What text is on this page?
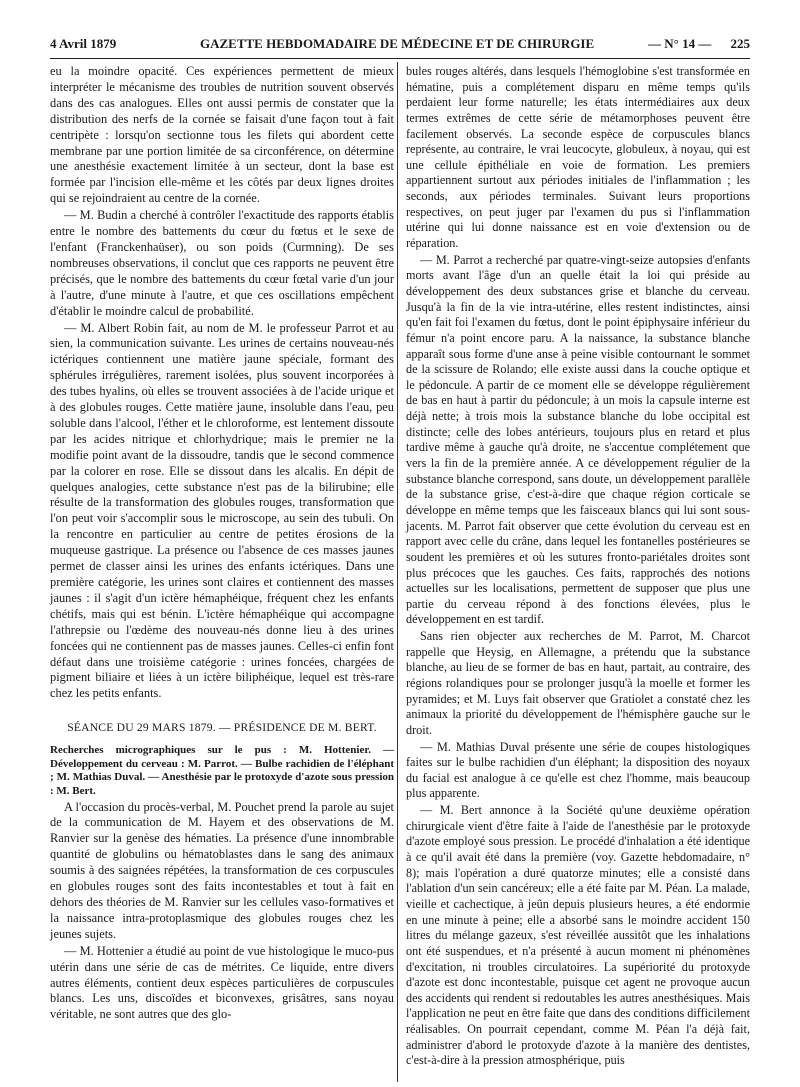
4 Avril 1879	GAZETTE HEBDOMADAIRE DE MÉDECINE ET DE CHIRURGIE	— N° 14 — 225

eu la moindre opacité. Ces expériences permettent de mieux interpréter le mécanisme des troubles de nutrition souvent observés dans des cas analogues. Elles ont aussi permis de constater que la distribution des nerfs de la cornée se faisait d'une façon tout à fait centripète : lorsqu'on sectionne tous les filets qui abordent cette membrane par une portion limitée de sa circonférence, on détermine une anesthésie exactement limitée à un secteur, dont la base est formée par l'incision elle-même et les côtés par deux lignes droites qui se rejoindraient au centre de la cornée.

— M. Budin a cherché à contrôler l'exactitude des rapports établis entre le nombre des battements du cœur du fœtus et le sexe de l'enfant (Franckenhaüser), ou son poids (Curmning). De ses nombreuses observations, il conclut que ces rapports ne peuvent être précisés, que le nombre des battements du cœur fœtal varie d'un jour à l'autre, d'une minute à l'autre, et que ces oscillations empêchent d'établir le moindre calcul de probabilité.

— M. Albert Robin fait, au nom de M. le professeur Parrot et au sien, la communication suivante. Les urines de certains nouveau-nés ictériques contiennent une matière jaune spéciale, formant des sphérules irrégulières, rarement isolées, plus souvent incorporées à des tubes hyalins, où elles se trouvent associées à de l'acide urique et à des globules rouges. Cette matière jaune, insoluble dans l'eau, peu soluble dans l'alcool, l'éther et le chloroforme, est lentement dissoute par les acides nitrique et chlorhydrique; mais le premier ne la modifie point avant de la dissoudre, tandis que le second commence par la colorer en rose. Elle se dissout dans les alcalis. En dépit de quelques analogies, cette substance n'est pas de la bilirubine; elle résulte de la transformation des globules rouges, transformation que l'on peut voir s'accomplir sous le microscope, au sein des tubuli. On la rencontre en particulier au centre de petites érosions de la muqueuse gastrique. La présence ou l'absence de ces masses jaunes permet de classer ainsi les urines des enfants ictériques. Dans une première catégorie, les urines sont claires et contiennent des masses jaunes : il s'agit d'un ictère hémaphéique, fréquent chez les enfants chétifs, mais qui est bénin. L'ictère hémaphéique qui accompagne l'athrepsie ou l'œdème des nouveau-nés donne lieu à des urines foncées qui ne contiennent pas de masses jaunes. Celles-ci enfin font défaut dans une troisième catégorie : urines foncées, chargées de pigment biliaire et liées à un ictère biliphéique, lequel est très-rare chez les petits enfants.

SÉANCE DU 29 MARS 1879. — PRÉSIDENCE DE M. BERT.

Recherches micrographiques sur le pus : M. Hottenier. — Développement du cerveau : M. Parrot. — Bulbe rachidien de l'éléphant ; M. Mathias Duval. — Anesthésie par le protoxyde d'azote sous pression : M. Bert.

A l'occasion du procès-verbal, M. Pouchet prend la parole au sujet de la communication de M. Hayem et des observations de M. Ranvier sur la genèse des hématies. La présence d'une innombrable quantité de globulins ou hématoblastes dans le sang des animaux soumis à des saignées répétées, la transformation de ces corpuscules en globules rouges sont des faits incontestables et tout à fait en dehors des théories de M. Ranvier sur les cellules vaso-formatives et la naissance intra-protoplasmique des globules rouges chez les jeunes sujets.

— M. Hottenier a étudié au point de vue histologique le muco-pus utérin dans une série de cas de métrites. Ce liquide, entre divers autres éléments, contient deux espèces particulières de corpuscules blancs. Les uns, discoïdes et biconvexes, grisâtres, sans noyau véritable, ne sont autres que des glo-

bules rouges altérés, dans lesquels l'hémoglobine s'est transformée en hématine, puis a complétement disparu en même temps qu'ils perdaient leur forme naturelle; les états intermédiaires aux deux termes extrêmes de cette série de métamorphoses peuvent être facilement observés. La seconde espèce de corpuscules blancs représente, au contraire, le vrai leucocyte, globuleux, à noyau, qui est une cellule épithéliale en voie de formation. Les premiers appartiennent surtout aux périodes initiales de l'inflammation ; les seconds, aux périodes terminales. Suivant leurs proportions respectives, on peut juger par l'examen du pus si l'inflammation utérine qui lui donne naissance est en voie d'extension ou de réparation.

— M. Parrot a recherché par quatre-vingt-seize autopsies d'enfants morts avant l'âge d'un an quelle était la loi qui préside au développement des deux substances grise et blanche du cerveau. Jusqu'à la fin de la vie intra-utérine, elles restent indistinctes, ainsi qu'en fait foi l'examen du fœtus, dont le point épiphysaire inférieur du fémur n'a point encore paru. A la naissance, la substance blanche apparaît sous forme d'une anse à peine visible contournant le sommet de la scissure de Rolando; elle existe aussi dans la couche optique et le pédoncule. A partir de ce moment elle se développe régulièrement de bas en haut à partir du pédoncule; à un mois la capsule interne est déjà nette; à trois mois la substance blanche du lobe occipital est distincte; celle des lobes antérieurs, toujours plus en retard et plus tardive même à gauche qu'à droite, ne s'accentue complétement que vers la fin de la première année. A ce développement régulier de la substance blanche correspond, sans doute, un développement parallèle de la substance grise, c'est-à-dire que chaque région corticale se développe en même temps que les faisceaux blancs qui lui sont sous-jacents. M. Parrot fait observer que cette évolution du cerveau est en rapport avec celle du crâne, dans lequel les fontanelles postérieures se soudent les premières et où les sutures fronto-pariétales droites sont plus précoces que les gauches. Ces faits, rapprochés des notions actuelles sur les localisations, permettent de supposer que plus une partie du cerveau répond à des fonctions élevées, plus le développement en est tardif.

Sans rien objecter aux recherches de M. Parrot, M. Charcot rappelle que Heysig, en Allemagne, a prétendu que la substance blanche, au lieu de se former de bas en haut, partait, au contraire, des régions rolandiques pour se prolonger jusqu'à la moelle et former les pyramides; et M. Luys fait observer que Gratiolet a constaté chez les animaux la priorité du développement de l'hémisphère gauche sur le droit.

— M. Mathias Duval présente une série de coupes histologiques faites sur le bulbe rachidien d'un éléphant; la disposition des noyaux du facial est analogue à ce qu'elle est chez l'homme, mais beaucoup plus apparente.

— M. Bert annonce à la Société qu'une deuxième opération chirurgicale vient d'être faite à l'aide de l'anesthésie par le protoxyde d'azote employé sous pression. Le procédé d'inhalation a été identique à ce qu'il avait été dans la première (voy. Gazette hebdomadaire, n° 8); mais l'opération a duré quatorze minutes; elle a consisté dans l'ablation d'un sein cancéreux; elle a été faite par M. Péan. La malade, vieille et cachectique, à jeûn depuis plusieurs heures, a été endormie en une minute à peine; elle a absorbé sans le moindre accident 150 litres du mélange gazeux, s'est réveillée aussitôt que les inhalations ont été suspendues, et n'a présenté à aucun moment ni phénomènes d'excitation, ni troubles circulatoires. La supériorité du protoxyde d'azote est donc incontestable, puisque cet agent ne provoque aucun des accidents qui rendent si redoutables les autres anesthésiques. Mais l'application ne peut en être faite que dans des conditions difficilement réalisables. On pourrait cependant, comme M. Péan l'a déjà fait, administrer d'abord le protoxyde d'azote à la manière des dentistes, c'est-à-dire à la pression atmosphérique, puis
